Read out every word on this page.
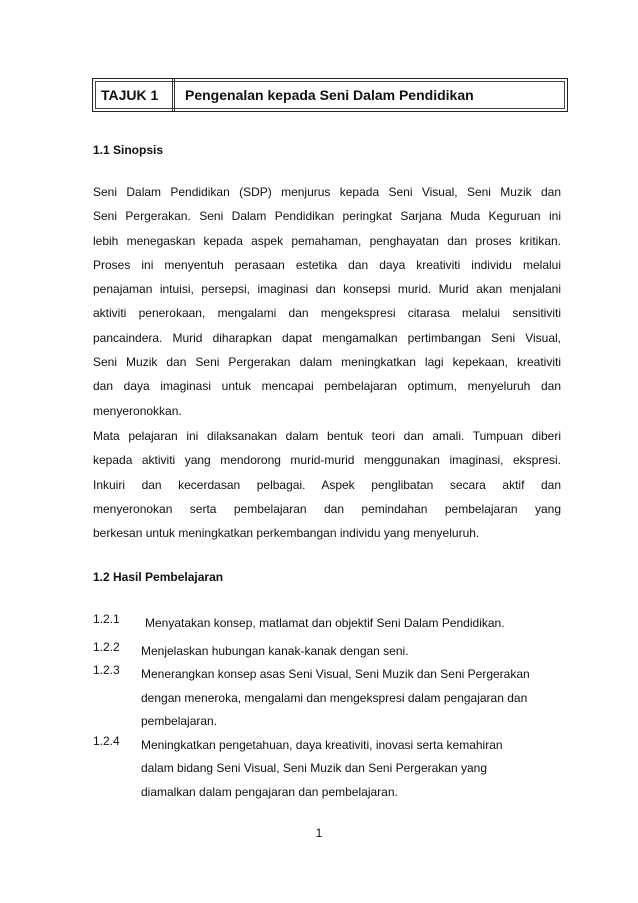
TAJUK 1	Pengenalan kepada Seni Dalam Pendidikan
1.1 Sinopsis

Seni Dalam Pendidikan (SDP) menjurus kepada Seni Visual, Seni Muzik dan
Seni Pergerakan. Seni Dalam Pendidikan peringkat Sarjana Muda Keguruan ini
lebih menegaskan kepada aspek pemahaman, penghayatan dan proses kritikan.
Proses ini menyentuh perasaan estetika dan daya kreativiti individu melalui
penajaman intuisi, persepsi, imaginasi dan konsepsi murid. Murid akan menjalani
aktiviti penerokaan, mengalami dan mengekspresi citarasa melalui sensitiviti
pancaindera. Murid diharapkan dapat mengamalkan pertimbangan Seni Visual,
Seni Muzik dan Seni Pergerakan dalam meningkatkan lagi kepekaan, kreativiti
dan daya imaginasi untuk mencapai pembelajaran optimum, menyeluruh dan
menyeronokkan.

Mata pelajaran ini dilaksanakan dalam bentuk teori dan amali. Tumpuan diberi
kepada aktiviti yang mendorong murid-murid menggunakan imaginasi, ekspresi.
Inkuiri dan kecerdasan pelbagai. Aspek penglibatan secara aktif dan
menyeronokan serta pembelajaran dan pemindahan pembelajaran yang
berkesan untuk meningkatkan perkembangan individu yang menyeluruh.

1.2 Hasil Pembelajaran
1.2.1 Menyatakan konsep, matlamat dan objektif Seni Dalam Pendidikan.
1.2.2 Menjelaskan hubungan kanak-kanak dengan seni.
1.2.3 Menerangkan konsep asas Seni Visual, Seni Muzik dan Seni Pergerakan
dengan meneroka, mengalami dan mengekspresi dalam pengajaran dan
pembelajaran.
1.2.4 Meningkatkan pengetahuan, daya kreativiti, inovasi serta kemahiran
dalam bidang Seni Visual, Seni Muzik dan Seni Pergerakan yang
diamalkan dalam pengajaran dan pembelajaran.
1
